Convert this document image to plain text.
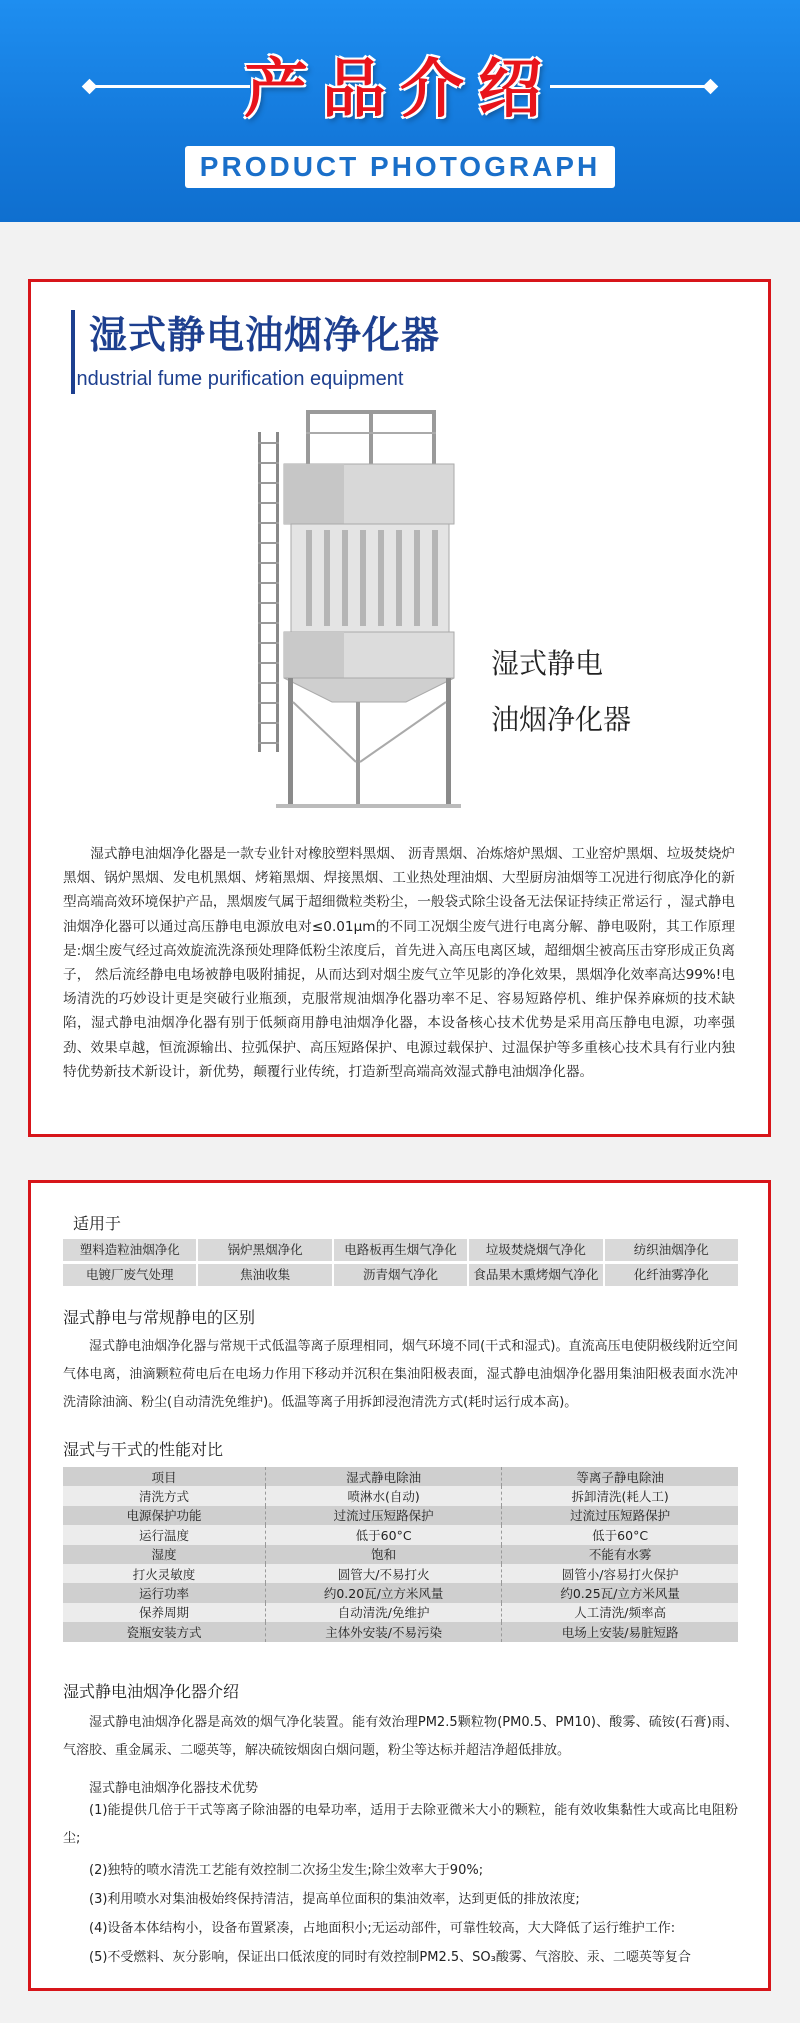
产品介绍
PRODUCT PHOTOGRAPH
湿式静电油烟净化器
Industrial fume purification equipment
湿式静电
油烟净化器
湿式静电油烟净化器是一款专业针对橡胶塑料黑烟、 沥青黑烟、冶炼熔炉黑烟、工业窑炉黑烟、垃圾焚烧炉黑烟、锅炉黑烟、发电机黑烟、烤箱黑烟、焊接黑烟、工业热处理油烟、大型厨房油烟等工况进行彻底净化的新型高端高效环境保护产品，黑烟废气属于超细微粒类粉尘，一般袋式除尘设备无法保证持续正常运行 ，湿式静电油烟净化器可以通过高压静电电源放电对≤0.01μm的不同工况烟尘废气进行电离分解、静电吸附，其工作原理是:烟尘废气经过高效旋流洗涤预处理降低粉尘浓度后，首先进入高压电离区域，超细烟尘被高压击穿形成正负离子， 然后流经静电电场被静电吸附捕捉，从而达到对烟尘废气立竿见影的净化效果，黑烟净化效率高达99%!电场清洗的巧妙设计更是突破行业瓶颈，克服常规油烟净化器功率不足、容易短路停机、维护保养麻烦的技术缺陷，湿式静电油烟净化器有别于低频商用静电油烟净化器，本设备核心技术优势是采用高压静电电源，功率强劲、效果卓越，恒流源输出、拉弧保护、高压短路保护、电源过载保护、过温保护等多重核心技术具有行业内独特优势新技术新设计，新优势，颠覆行业传统，打造新型高端高效湿式静电油烟净化器。
适用于
塑料造粒油烟净化	锅炉黑烟净化	电路板再生烟气净化	垃圾焚烧烟气净化	纺织油烟净化
电镀厂废气处理	焦油收集	沥青烟气净化	食品果木熏烤烟气净化	化纤油雾净化
湿式静电与常规静电的区别
湿式静电油烟净化器与常规干式低温等离子原理相同，烟气环境不同(干式和湿式)。直流高压电使阴极线附近空间气体电离，油滴颗粒荷电后在电场力作用下移动并沉积在集油阳极表面，湿式静电油烟净化器用集油阳极表面水洗冲洗清除油滴、粉尘(自动清洗免维护)。低温等离子用拆卸浸泡清洗方式(耗时运行成本高)。
湿式与干式的性能对比
项目	湿式静电除油	等离子静电除油
清洗方式	喷淋水(自动)	拆卸清洗(耗人工)
电源保护功能	过流过压短路保护	过流过压短路保护
运行温度	低于60°C	低于60°C
湿度	饱和	不能有水雾
打火灵敏度	圆管大/不易打火	圆管小/容易打火保护
运行功率	约0.20瓦/立方米风量	约0.25瓦/立方米风量
保养周期	自动清洗/免维护	人工清洗/频率高
瓷瓶安装方式	主体外安装/不易污染	电场上安装/易脏短路
湿式静电油烟净化器介绍
湿式静电油烟净化器是高效的烟气净化装置。能有效治理PM2.5颗粒物(PM0.5、PM10)、酸雾、硫铵(石膏)雨、气溶胶、重金属汞、二噁英等，解决硫铵烟囱白烟问题，粉尘等达标并超洁净超低排放。
湿式静电油烟净化器技术优势
(1)能提供几倍于干式等离子除油器的电晕功率，适用于去除亚微米大小的颗粒，能有效收集黏性大或高比电阻粉尘;
(2)独特的喷水清洗工艺能有效控制二次扬尘发生;除尘效率大于90%;
(3)利用喷水对集油极始终保持清洁，提高单位面积的集油效率，达到更低的排放浓度;
(4)设备本体结构小，设备布置紧凑，占地面积小;无运动部件，可靠性较高，大大降低了运行维护工作:
(5)不受燃料、灰分影响，保证出口低浓度的同时有效控制PM2.5、SO₃酸雾、气溶胶、汞、二噁英等复合
